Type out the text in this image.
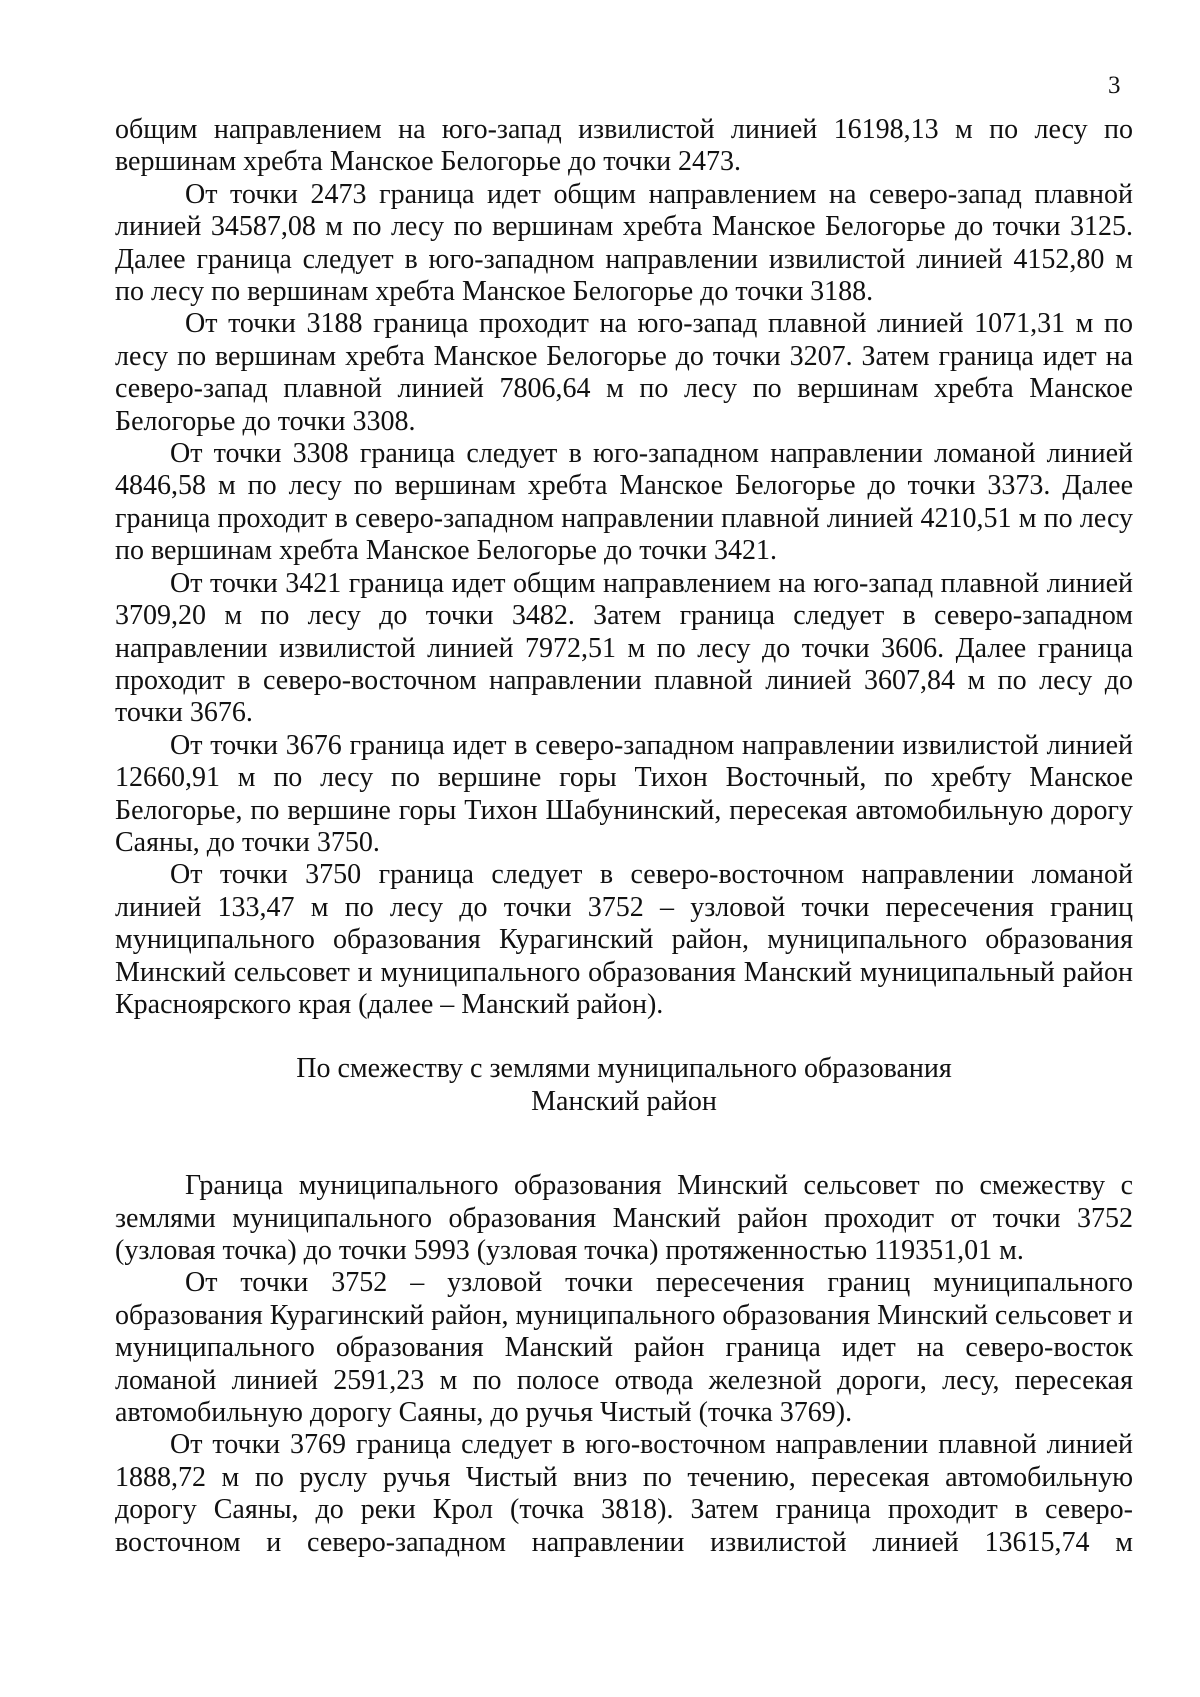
3

общим направлением на юго-запад извилистой линией 16198,13 м по лесу по вершинам хребта Манское Белогорье до точки 2473.

От точки 2473 граница идет общим направлением на северо-запад плавной линией 34587,08 м по лесу по вершинам хребта Манское Белогорье до точки 3125. Далее граница следует в юго-западном направлении извилистой линией 4152,80 м по лесу по вершинам хребта Манское Белогорье до точки 3188.

От точки 3188 граница проходит на юго-запад плавной линией 1071,31 м по лесу по вершинам хребта Манское Белогорье до точки 3207. Затем граница идет на северо-запад плавной линией 7806,64 м по лесу по вершинам хребта Манское Белогорье до точки 3308.

От точки 3308 граница следует в юго-западном направлении ломаной линией 4846,58 м по лесу по вершинам хребта Манское Белогорье до точки 3373. Далее граница проходит в северо-западном направлении плавной линией 4210,51 м по лесу по вершинам хребта Манское Белогорье до точки 3421.

От точки 3421 граница идет общим направлением на юго-запад плавной линией 3709,20 м по лесу до точки 3482. Затем граница следует в северо-западном направлении извилистой линией 7972,51 м по лесу до точки 3606. Далее граница проходит в северо-восточном направлении плавной линией 3607,84 м по лесу до точки 3676.

От точки 3676 граница идет в северо-западном направлении извилистой линией 12660,91 м по лесу по вершине горы Тихон Восточный, по хребту Манское Белогорье, по вершине горы Тихон Шабунинский, пересекая автомобильную дорогу Саяны, до точки 3750.

От точки 3750 граница следует в северо-восточном направлении ломаной линией 133,47 м по лесу до точки 3752 – узловой точки пересечения границ муниципального образования Курагинский район, муниципального образования Минский сельсовет и муниципального образования Манский муниципальный район Красноярского края (далее – Манский район).

По смежеству с землями муниципального образования
Манский район

Граница муниципального образования Минский сельсовет по смежеству с землями муниципального образования Манский район проходит от точки 3752 (узловая точка) до точки 5993 (узловая точка) протяженностью 119351,01 м.

От точки 3752 – узловой точки пересечения границ муниципального образования Курагинский район, муниципального образования Минский сельсовет и муниципального образования Манский район граница идет на северо-восток ломаной линией 2591,23 м по полосе отвода железной дороги, лесу, пересекая автомобильную дорогу Саяны, до ручья Чистый (точка 3769).

От точки 3769 граница следует в юго-восточном направлении плавной линией 1888,72 м по руслу ручья Чистый вниз по течению, пересекая автомобильную дорогу Саяны, до реки Крол (точка 3818). Затем граница проходит в северо-восточном и северо-западном направлении извилистой линией 13615,74 м
